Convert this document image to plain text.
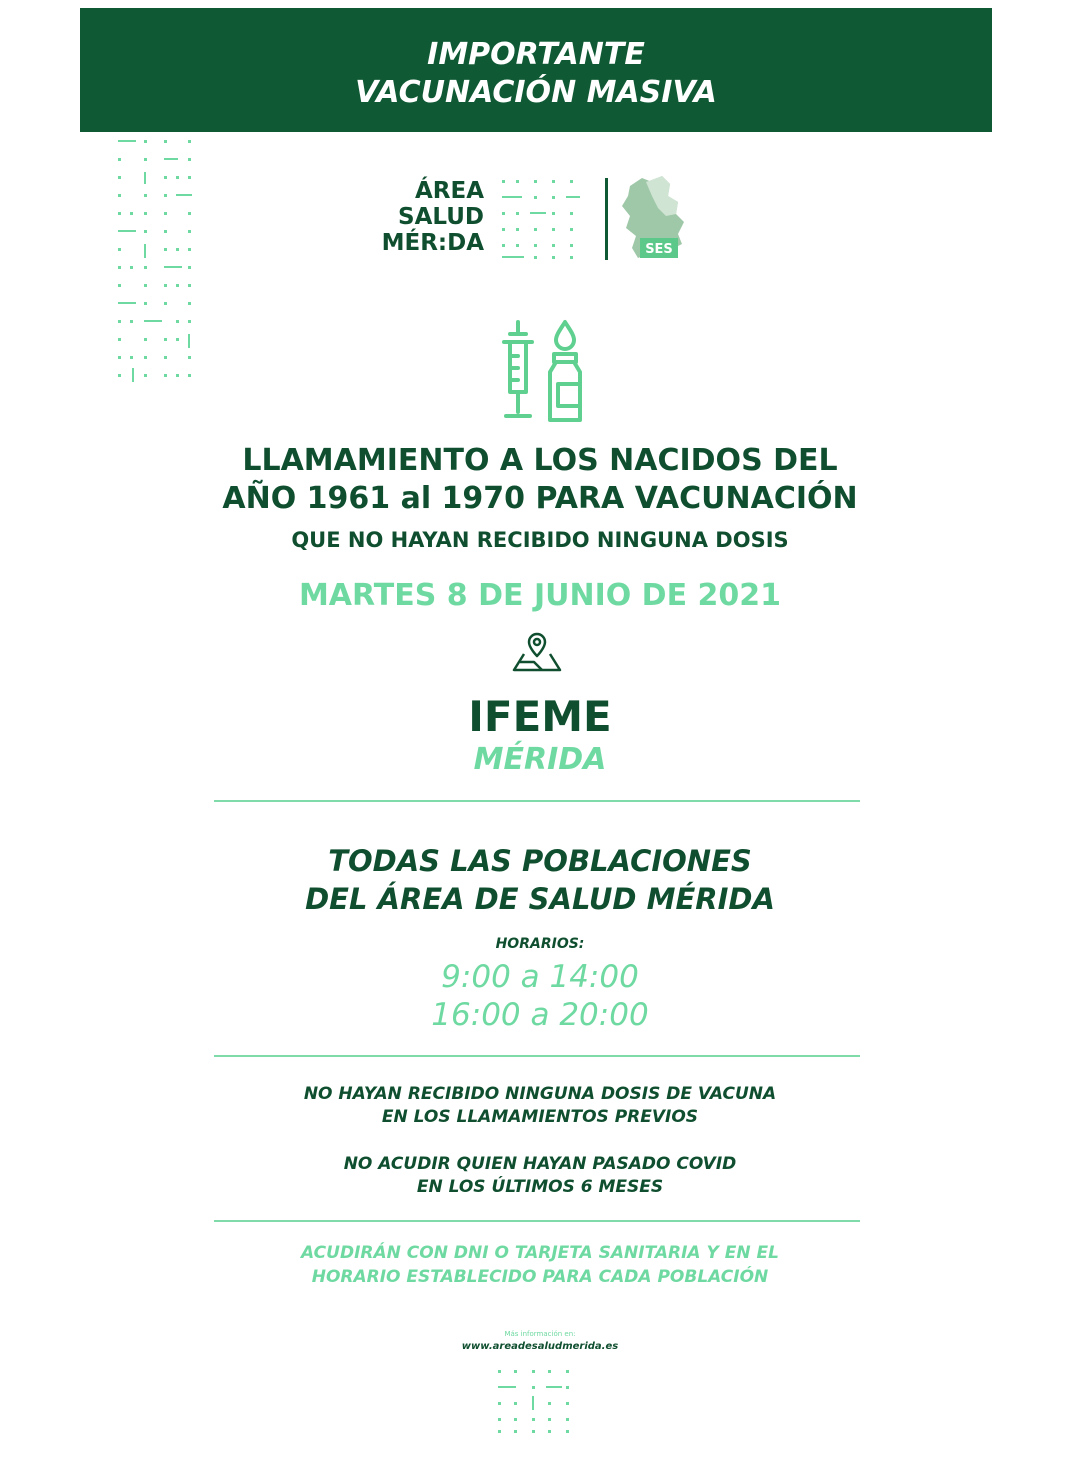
IMPORTANTE
VACUNACIÓN MASIVA
ÁREA
SALUD
MÉR:DA	SES
LLAMAMIENTO A LOS NACIDOS DEL
AÑO 1961 al 1970 PARA VACUNACIÓN
QUE NO HAYAN RECIBIDO NINGUNA DOSIS
MARTES 8 DE JUNIO DE 2021
IFEME
MÉRIDA
TODAS LAS POBLACIONES
DEL ÁREA DE SALUD MÉRIDA
HORARIOS:
9:00 a 14:00
16:00 a 20:00
NO HAYAN RECIBIDO NINGUNA DOSIS DE VACUNA
EN LOS LLAMAMIENTOS PREVIOS
NO ACUDIR QUIEN HAYAN PASADO COVID
EN LOS ÚLTIMOS 6 MESES
ACUDIRÁN CON DNI O TARJETA SANITARIA Y EN EL
HORARIO ESTABLECIDO PARA CADA POBLACIÓN
Más información en:
www.areadesaludmerida.es
